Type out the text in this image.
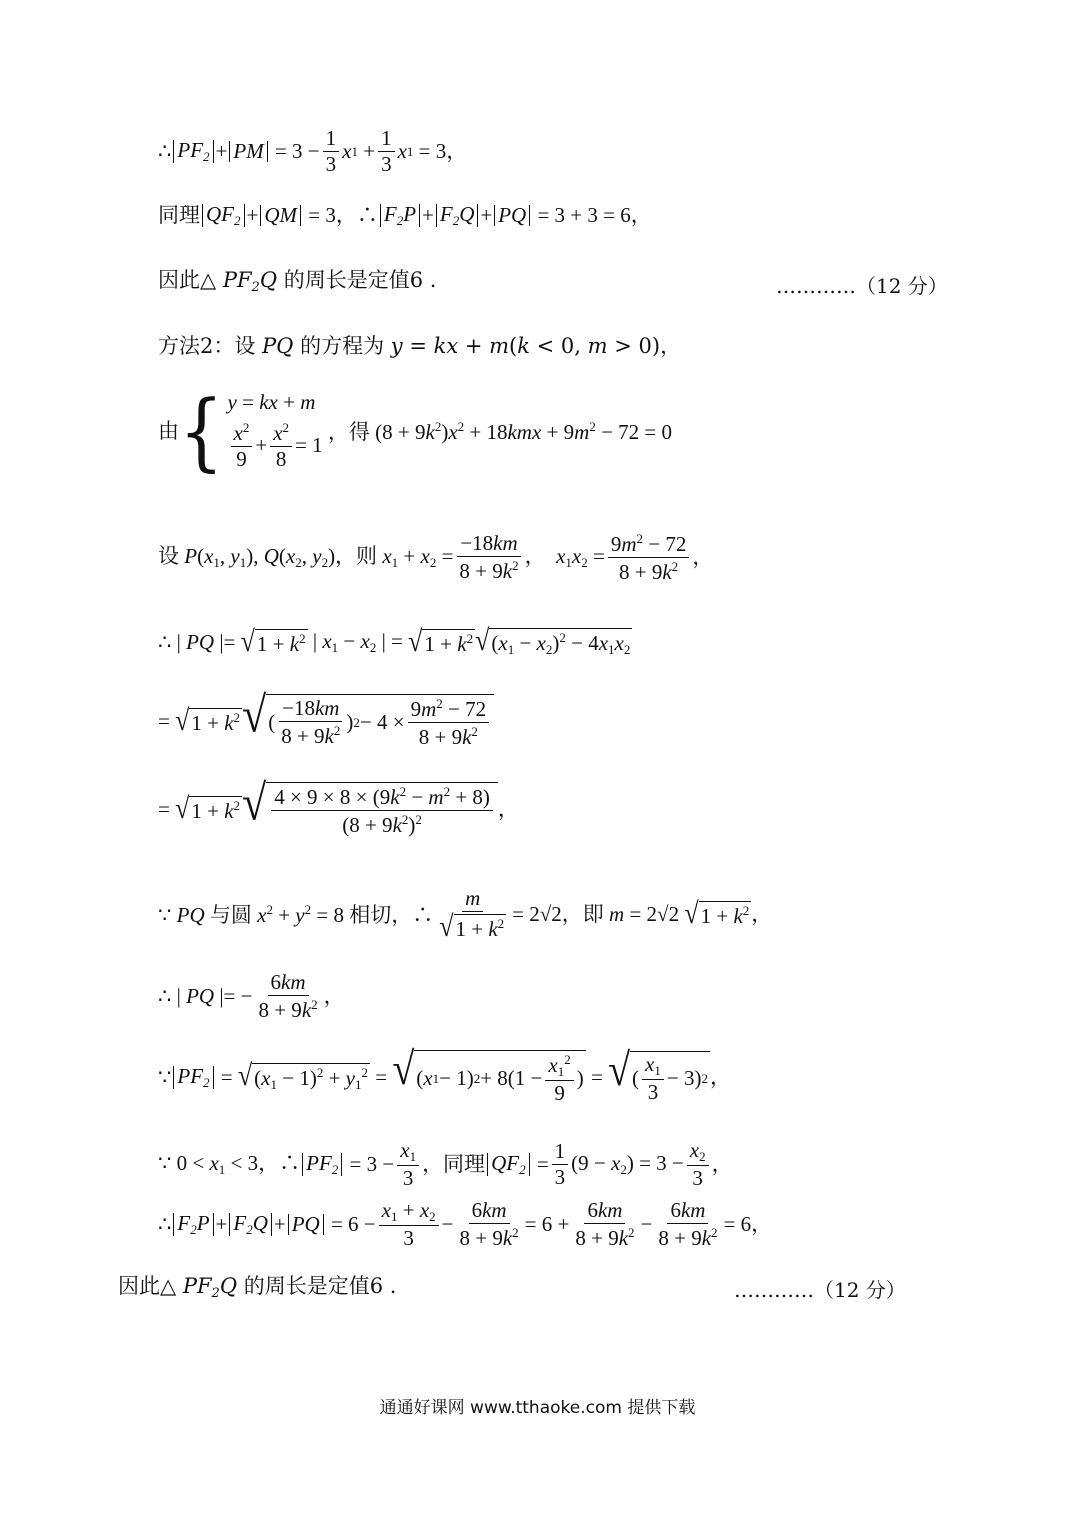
∴ $PF_2$ + PM = $3 - \frac{1}{3}$ x $1 + \frac{1}{3}$ x 1 = 3，
同理 $QF_2$ + QM = 3，∴ $F_2P + F_2Q$ + PQ = 3 + 3 = 6，
因此△ $PF_2Q$ 的周长是定值6 .	…………（12 分）
方法2：设 PQ 的方程为 y = kx + m(k < 0, m > 0)，
由 { y = kx + m
$\frac{x^2}{9} + \frac{x^2}{8} = 1$
，得 $(8 + 9k^2)x^2 + 18kmx + 9m^2 - 72 = 0$
设 $P(x_1$, $y_1$), $Q(x_2$, $y_2$)，则 $x_1 + x_2 = \frac{-18km}{8 + 9k^2}$ ，  $x_1x_2 = \frac{9m^2 - 72}{8 + 9k^2}$ ，
∴ | PQ |= √ $1 + k^2$ | $x_1 - x_2$ | = √ $1 + k^2$ √ $(x_1 - x_2)^2 - 4x_1x_2$
= √ $1 + k^2$ √ ( $\frac{-18km}{8 + 9k^2}$ ) $2 - 4 \times \frac{9m^2 - 72}{8 + 9k^2}$
= √ $1 + k^2$ √ $\frac{4 \times 9 \times 8 \times (9k^2 - m^2 + 8)}{(8 + 9k^2)^2}$ ，
∵ PQ 与圆 $x^2 + y^2 = 8$ 相切，∴ $\frac{m}{√ 1 + k^2} = 2√2$，即 m = 2√2 √ $1 + k^2$ ，
∴ | PQ |= − $\frac{6km}{8 + 9k^2}$ ，
∵ $PF_2$ = √ $(x_1 - 1)^2 + y_1^2$ = √ ( x 1 − 1) $2 + 8(1 - \frac{x_1^2}{9}$ ) = √ ( $\frac{x_1}{3} - 3$) 2 ，
∵ $0 < x_1 < 3$，∴ $PF_2 = 3 - \frac{x_1}{3}$ ，同理 $QF_2 = \frac{1}{3} (9 - x_2) = 3 - \frac{x_2}{3}$ ，
∴ $F_2P + F_2Q$ + PQ = $6 - \frac{x_1 + x_2}{3} - \frac{6km}{8 + 9k^2} = 6 + \frac{6km}{8 + 9k^2} - \frac{6km}{8 + 9k^2} = 6$，
因此△ $PF_2Q$ 的周长是定值6 .	…………（12 分）
通通好课网 www.tthaoke.com 提供下载
